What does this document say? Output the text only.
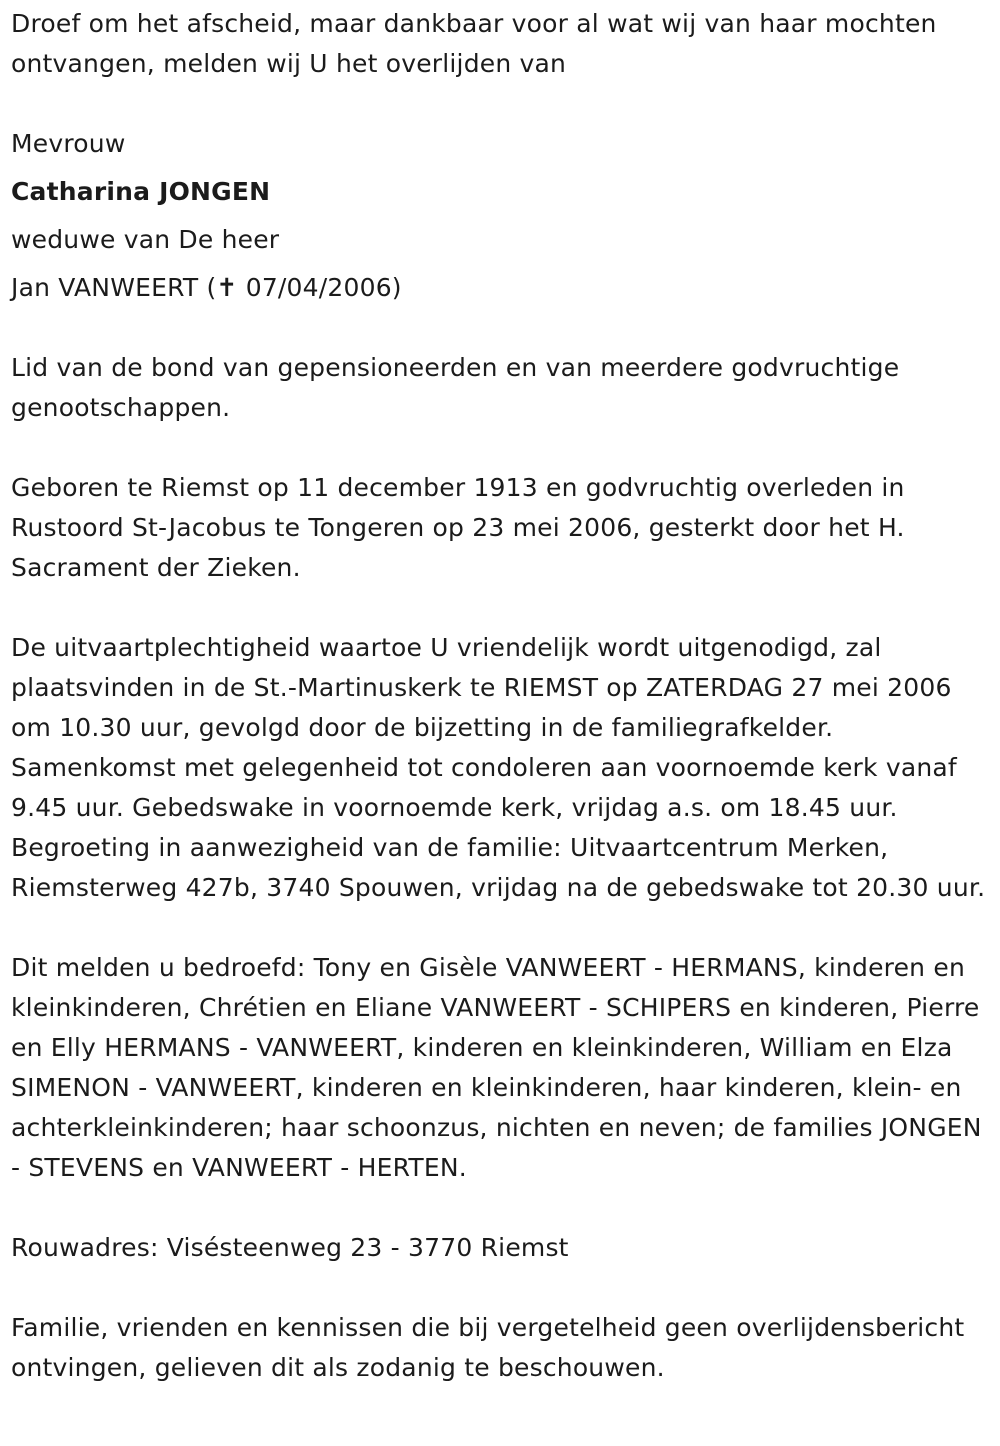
Droef om het afscheid, maar dankbaar voor al wat wij van haar mochten ontvangen, melden wij U het overlijden van

Mevrouw
Catharina JONGEN
weduwe van De heer
Jan VANWEERT (✝ 07/04/2006)

Lid van de bond van gepensioneerden en van meerdere godvruchtige genootschappen.

Geboren te Riemst op 11 december 1913 en godvruchtig overleden in Rustoord St-Jacobus te Tongeren op 23 mei 2006, gesterkt door het H. Sacrament der Zieken.

De uitvaartplechtigheid waartoe U vriendelijk wordt uitgenodigd, zal plaatsvinden in de St.-Martinuskerk te RIEMST op ZATERDAG 27 mei 2006 om 10.30 uur, gevolgd door de bijzetting in de familiegrafkelder. Samenkomst met gelegenheid tot condoleren aan voornoemde kerk vanaf 9.45 uur. Gebedswake in voornoemde kerk, vrijdag a.s. om 18.45 uur. Begroeting in aanwezigheid van de familie: Uitvaartcentrum Merken, Riemsterweg 427b, 3740 Spouwen, vrijdag na de gebedswake tot 20.30 uur.

Dit melden u bedroefd: Tony en Gisèle VANWEERT - HERMANS, kinderen en kleinkinderen, Chrétien en Eliane VANWEERT - SCHIPERS en kinderen, Pierre en Elly HERMANS - VANWEERT, kinderen en kleinkinderen, William en Elza SIMENON - VANWEERT, kinderen en kleinkinderen, haar kinderen, klein- en achterkleinkinderen; haar schoonzus, nichten en neven; de families JONGEN - STEVENS en VANWEERT - HERTEN.

Rouwadres: Visésteenweg 23 - 3770 Riemst

Familie, vrienden en kennissen die bij vergetelheid geen overlijdensbericht ontvingen, gelieven dit als zodanig te beschouwen.
